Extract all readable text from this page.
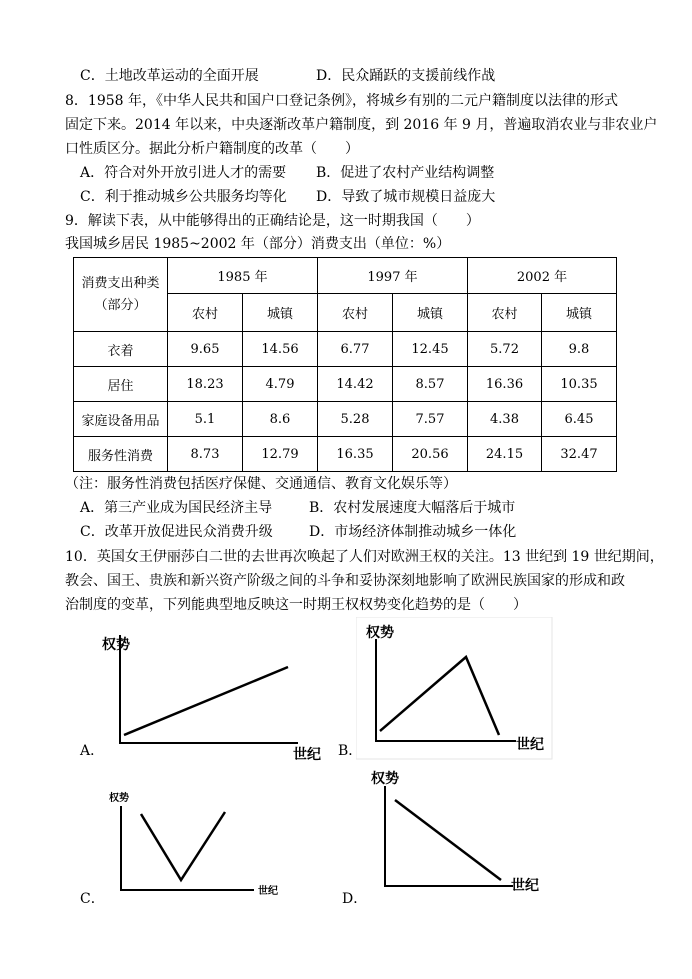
C．土地改革运动的全面开展	D．民众踊跃的支援前线作战
8．1958 年，《中华人民共和国户口登记条例》，将城乡有别的二元户籍制度以法律的形式
固定下来。2014 年以来，中央逐渐改革户籍制度，到 2016 年 9 月，普遍取消农业与非农业户
口性质区分。据此分析户籍制度的改革（　　）
A．符合对外开放引进人才的需要 B．促进了农村产业结构调整
C．利于推动城乡公共服务均等化 D．导致了城市规模日益庞大
9．解读下表，从中能够得出的正确结论是，这一时期我国（　　）
我国城乡居民 1985~2002 年（部分）消费支出（单位：%）
消费支出种类
（部分）	1985 年		1997 年		2002 年	
	农村	城镇	农村	城镇	农村	城镇
衣着	9.65	14.56	6.77	12.45	5.72	9.8
居住	18.23	4.79	14.42	8.57	16.36	10.35
家庭设备用品	5.1	8.6	5.28	7.57	4.38	6.45
服务性消费	8.73	12.79	16.35	20.56	24.15	32.47
（注：服务性消费包括医疗保健、交通通信、教育文化娱乐等）
A．第三产业成为国民经济主导	B．农村发展速度大幅落后于城市
C．改革开放促进民众消费升级	D．市场经济体制推动城乡一体化
10．英国女王伊丽莎白二世的去世再次唤起了人们对欧洲王权的关注。13 世纪到 19 世纪期间，
教会、国王、贵族和新兴资产阶级之间的斗争和妥协深刻地影响了欧洲民族国家的形成和政
治制度的变革，下列能典型地反映这一时期王权权势变化趋势的是（　　）
A．
权势
世纪 B．
权势
世纪
C．
权势
世纪	D．
权势
世纪
